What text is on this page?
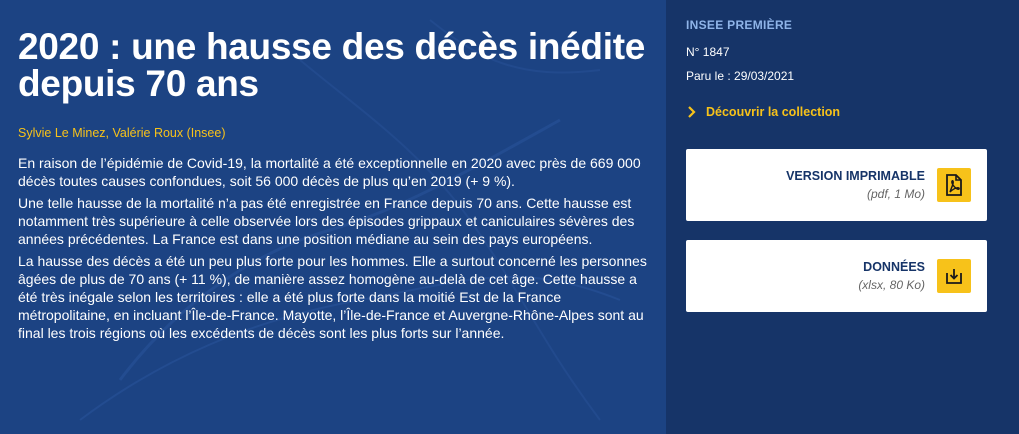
2020 : une hausse des décès inédite depuis 70 ans
Sylvie Le Minez, Valérie Roux (Insee)

En raison de l’épidémie de Covid-19, la mortalité a été exceptionnelle en 2020 avec près de 669 000 décès toutes causes confondues, soit 56 000 décès de plus qu’en 2019 (+ 9 %).

Une telle hausse de la mortalité n’a pas été enregistrée en France depuis 70 ans. Cette hausse est notamment très supérieure à celle observée lors des épisodes grippaux et caniculaires sévères des années précédentes. La France est dans une position médiane au sein des pays européens.

La hausse des décès a été un peu plus forte pour les hommes. Elle a surtout concerné les personnes âgées de plus de 70 ans (+ 11 %), de manière assez homogène au-delà de cet âge. Cette hausse a été très inégale selon les territoires : elle a été plus forte dans la moitié Est de la France métropolitaine, en incluant l’Île-de-France. Mayotte, l’Île-de-France et Auvergne-Rhône-Alpes sont au final les trois régions où les excédents de décès sont les plus forts sur l’année.

INSEE PREMIÈRE
N° 1847
Paru le : 29/03/2021
Découvrir la collection
VERSION IMPRIMABLE
(pdf, 1 Mo)
DONNÉES
(xlsx, 80 Ko)
